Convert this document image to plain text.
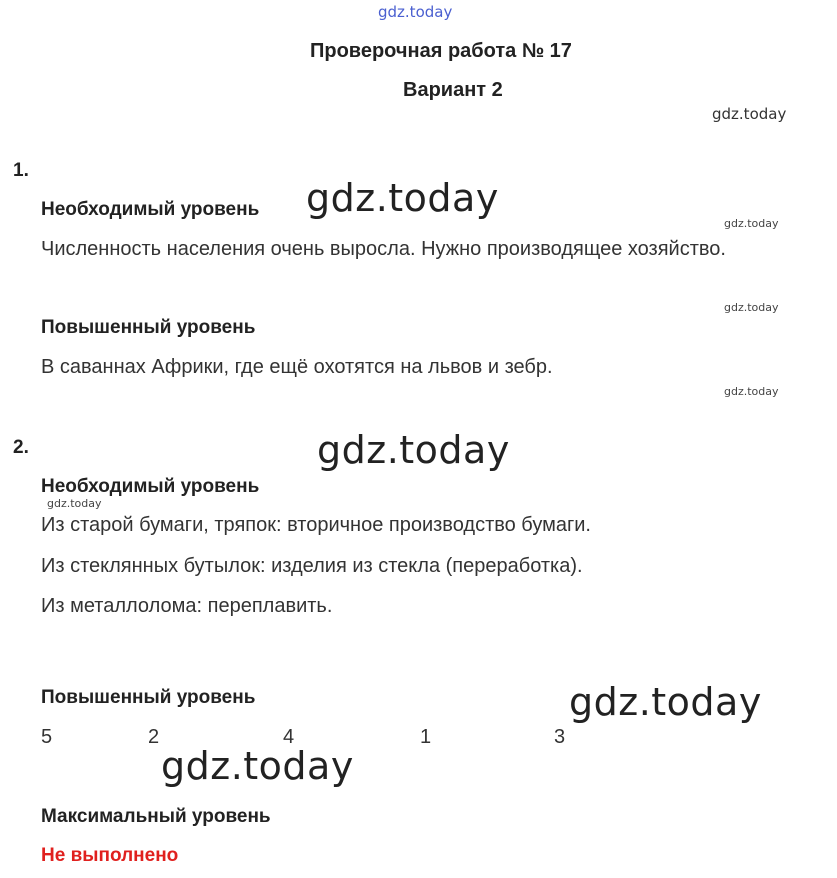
gdz.today
Проверочная работа № 17
Вариант 2
gdz.today
1.
Необходимый уровень gdz.today
gdz.today
Численность населения очень выросла. Нужно производящее хозяйство.
gdz.today
Повышенный уровень
В саваннах Африки, где ещё охотятся на львов и зебр.
gdz.today
2.	gdz.today
Необходимый уровень
gdz.today
Из старой бумаги, тряпок: вторичное производство бумаги.
Из стеклянных бутылок: изделия из стекла (переработка).
Из металлолома: переплавить.
Повышенный уровень	gdz.today
5	2	4	1	3
gdz.today
Максимальный уровень
Не выполнено
